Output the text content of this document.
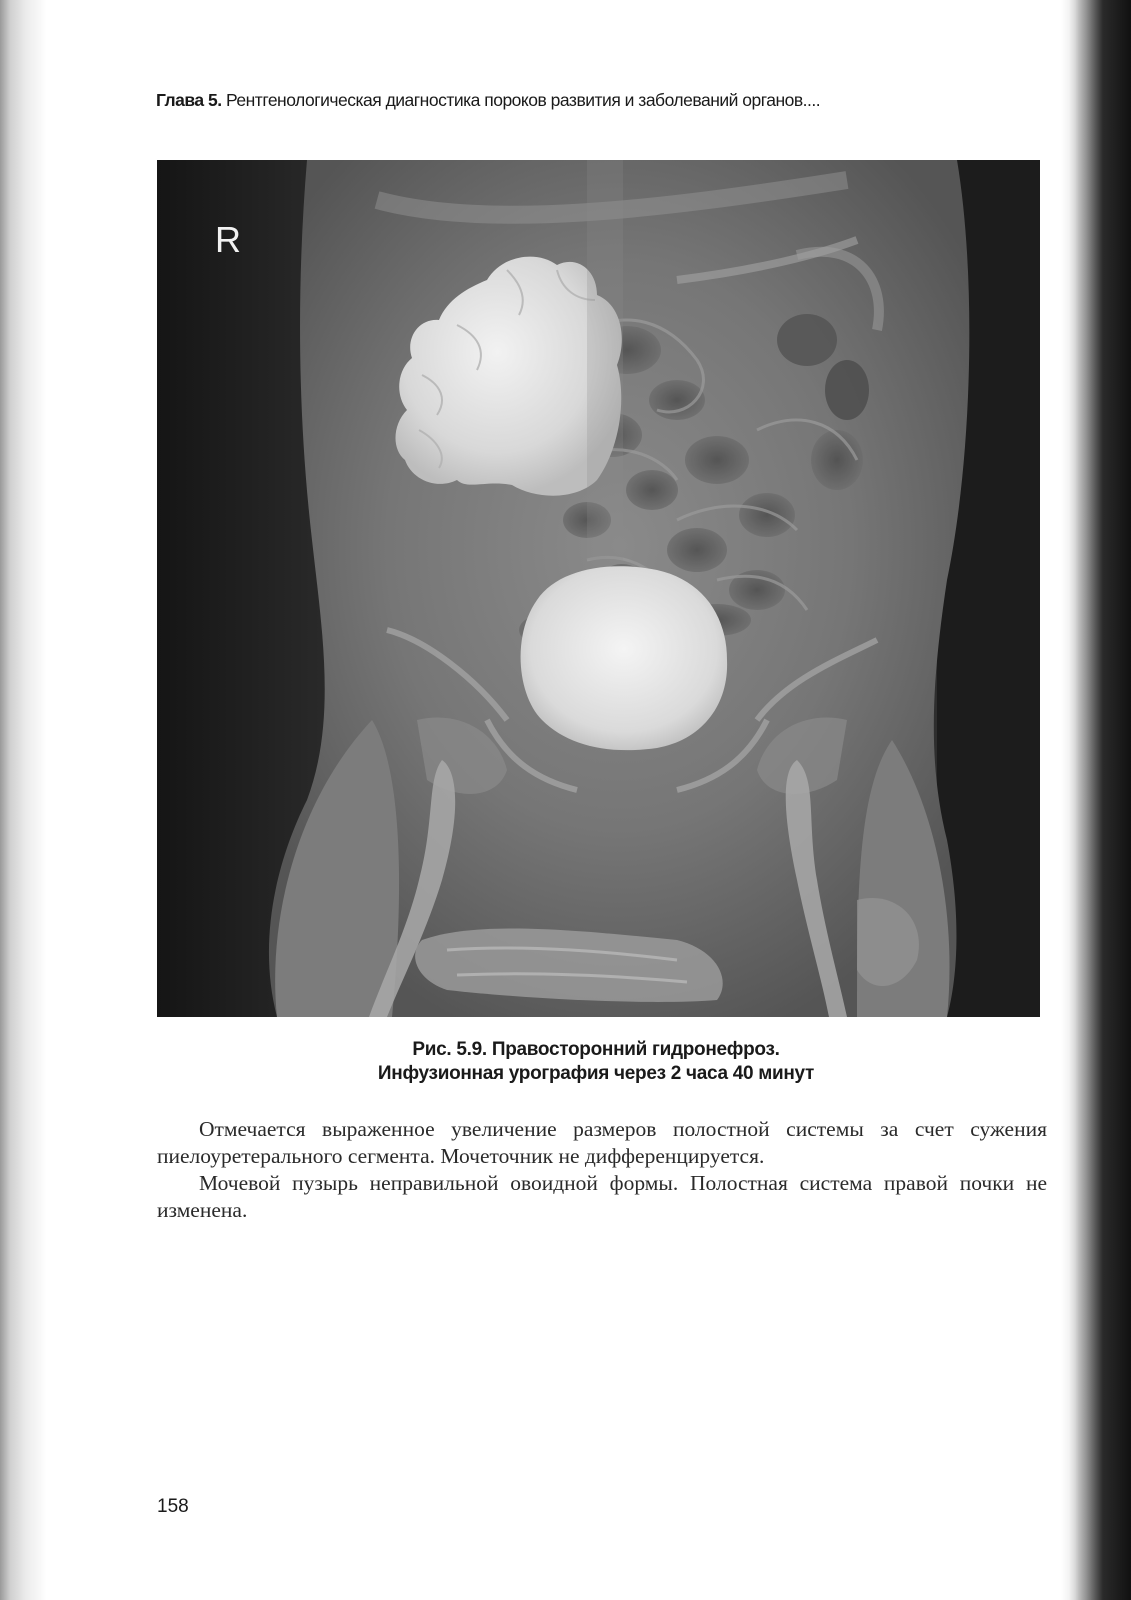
Глава 5. Рентгенологическая диагностика пороков развития и заболеваний органов....
R
Рис. 5.9. Правосторонний гидронефроз.
Инфузионная урография через 2 часа 40 минут

Отмечается выраженное увеличение размеров полостной системы за счет сужения пиелоуретерального сегмента. Мочеточник не дифференцируется.

Мочевой пузырь неправильной овоидной формы. Полостная система правой почки не изменена.

158
